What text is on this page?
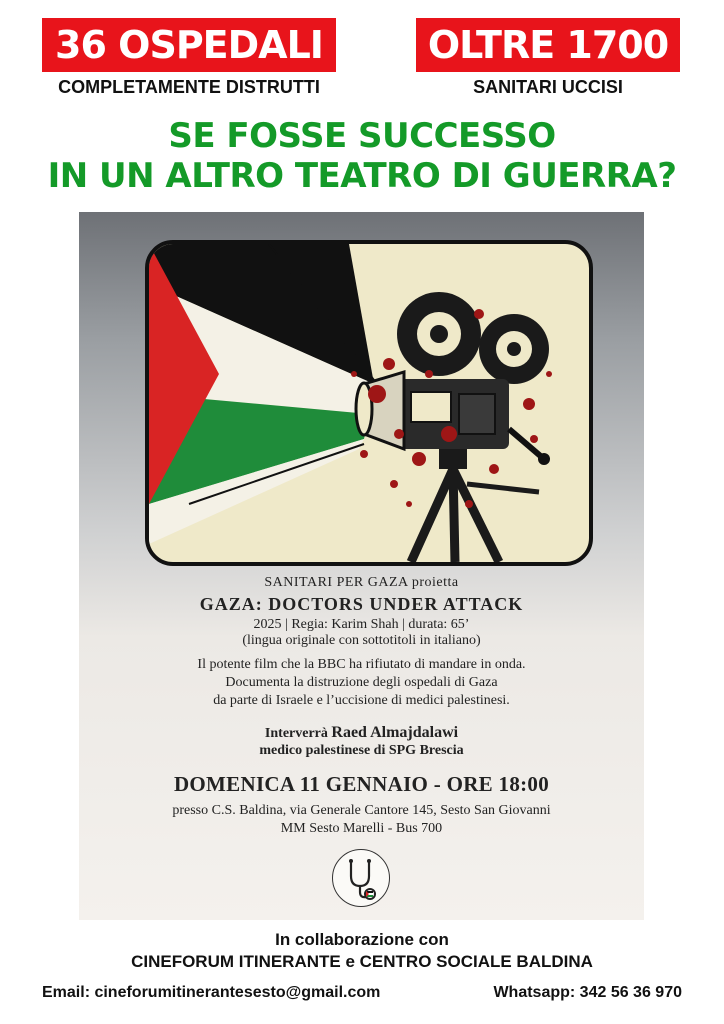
36 OSPEDALI
COMPLETAMENTE DISTRUTTI
OLTRE 1700
SANITARI UCCISI
SE FOSSE SUCCESSO
IN UN ALTRO TEATRO DI GUERRA?
SANITARI PER GAZA proietta
GAZA: DOCTORS UNDER ATTACK
2025 | Regia: Karim Shah | durata: 65’
(lingua originale con sottotitoli in italiano)
Il potente film che la BBC ha rifiutato di mandare in onda.
Documenta la distruzione degli ospedali di Gaza
da parte di Israele e l’uccisione di medici palestinesi.
Interverrà Raed Almajdalawi
medico palestinese di SPG Brescia
DOMENICA 11 GENNAIO - ORE 18:00
presso C.S. Baldina, via Generale Cantore 145, Sesto San Giovanni
MM Sesto Marelli - Bus 700
In collaborazione con
CINEFORUM ITINERANTE e CENTRO SOCIALE BALDINA
Email: cineforumitinerantesesto@gmail.com	Whatsapp: 342 56 36 970
